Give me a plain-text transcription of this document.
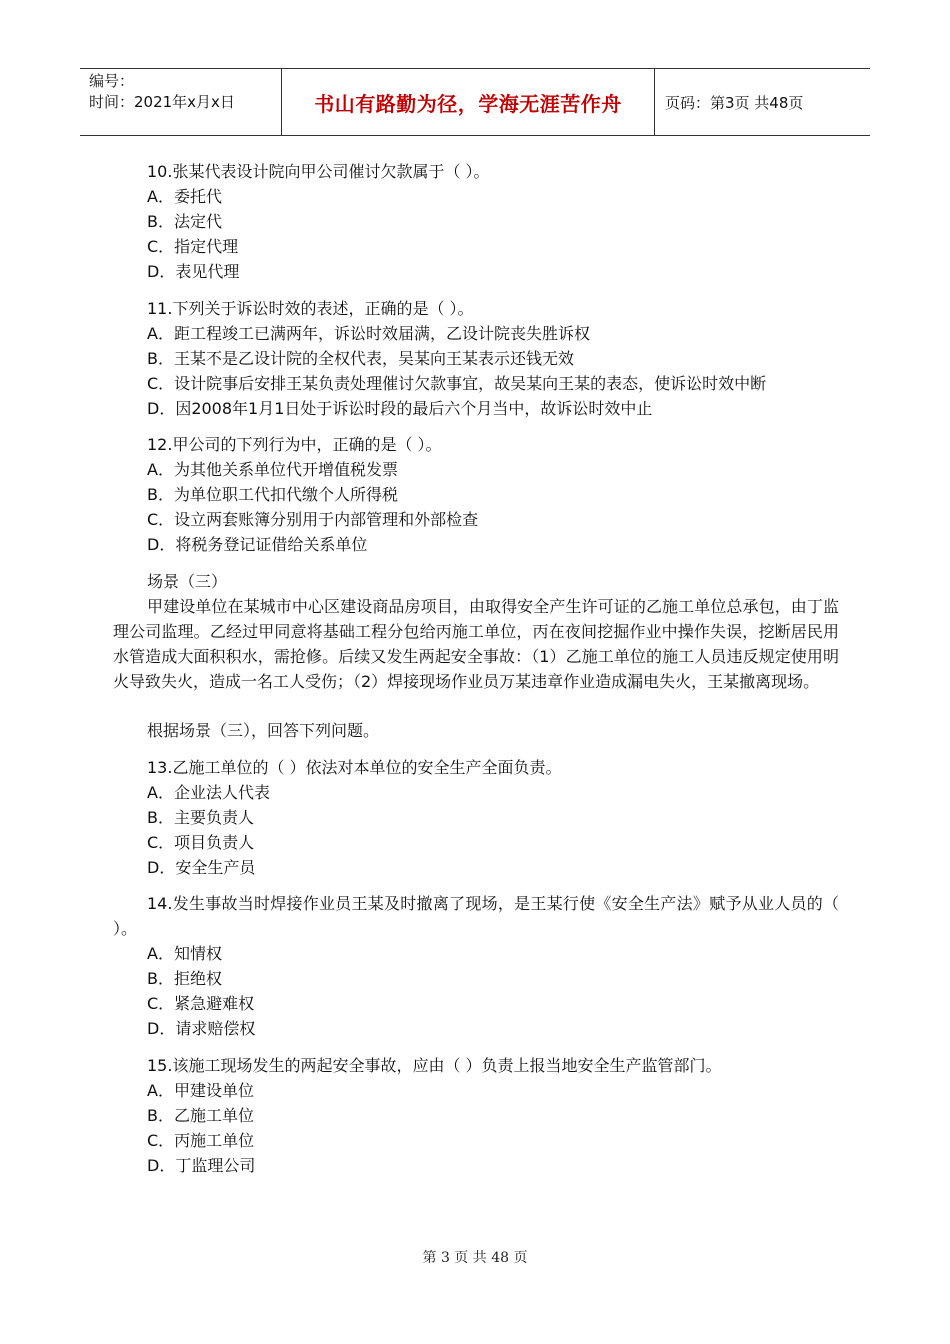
编号：
时间：2021年x月x日	书山有路勤为径，学海无涯苦作舟	页码：第3页 共48页
10.张某代表设计院向甲公司催讨欠款属于（ ）。
A．委托代
B．法定代
C．指定代理
D．表见代理
11.下列关于诉讼时效的表述，正确的是（ ）。
A．距工程竣工已满两年，诉讼时效届满，乙设计院丧失胜诉权
B．王某不是乙设计院的全权代表，吴某向王某表示还钱无效
C．设计院事后安排王某负责处理催讨欠款事宜，故吴某向王某的表态，使诉讼时效中断
D．因2008年1月1日处于诉讼时段的最后六个月当中，故诉讼时效中止
12.甲公司的下列行为中，正确的是（ ）。
A．为其他关系单位代开增值税发票
B．为单位职工代扣代缴个人所得税
C．设立两套账簿分别用于内部管理和外部检查
D．将税务登记证借给关系单位
场景（三）
甲建设单位在某城市中心区建设商品房项目，由取得安全产生许可证的乙施工单位总承包，由丁监理公司监理。乙经过甲同意将基础工程分包给丙施工单位，丙在夜间挖掘作业中操作失误，挖断居民用水管造成大面积积水，需抢修。后续又发生两起安全事故：（1）乙施工单位的施工人员违反规定使用明火导致失火，造成一名工人受伤；（2）焊接现场作业员万某违章作业造成漏电失火，王某撤离现场。
根据场景（三），回答下列问题。
13.乙施工单位的（ ）依法对本单位的安全生产全面负责。
A．企业法人代表
B．主要负责人
C．项目负责人
D．安全生产员
14.发生事故当时焊接作业员王某及时撤离了现场，是王某行使《安全生产法》赋予从业人员的（ ）。
A．知情权
B．拒绝权
C．紧急避难权
D．请求赔偿权
15.该施工现场发生的两起安全事故，应由（ ）负责上报当地安全生产监管部门。
A．甲建设单位
B．乙施工单位
C．丙施工单位
D．丁监理公司
第 3 页 共 48 页
